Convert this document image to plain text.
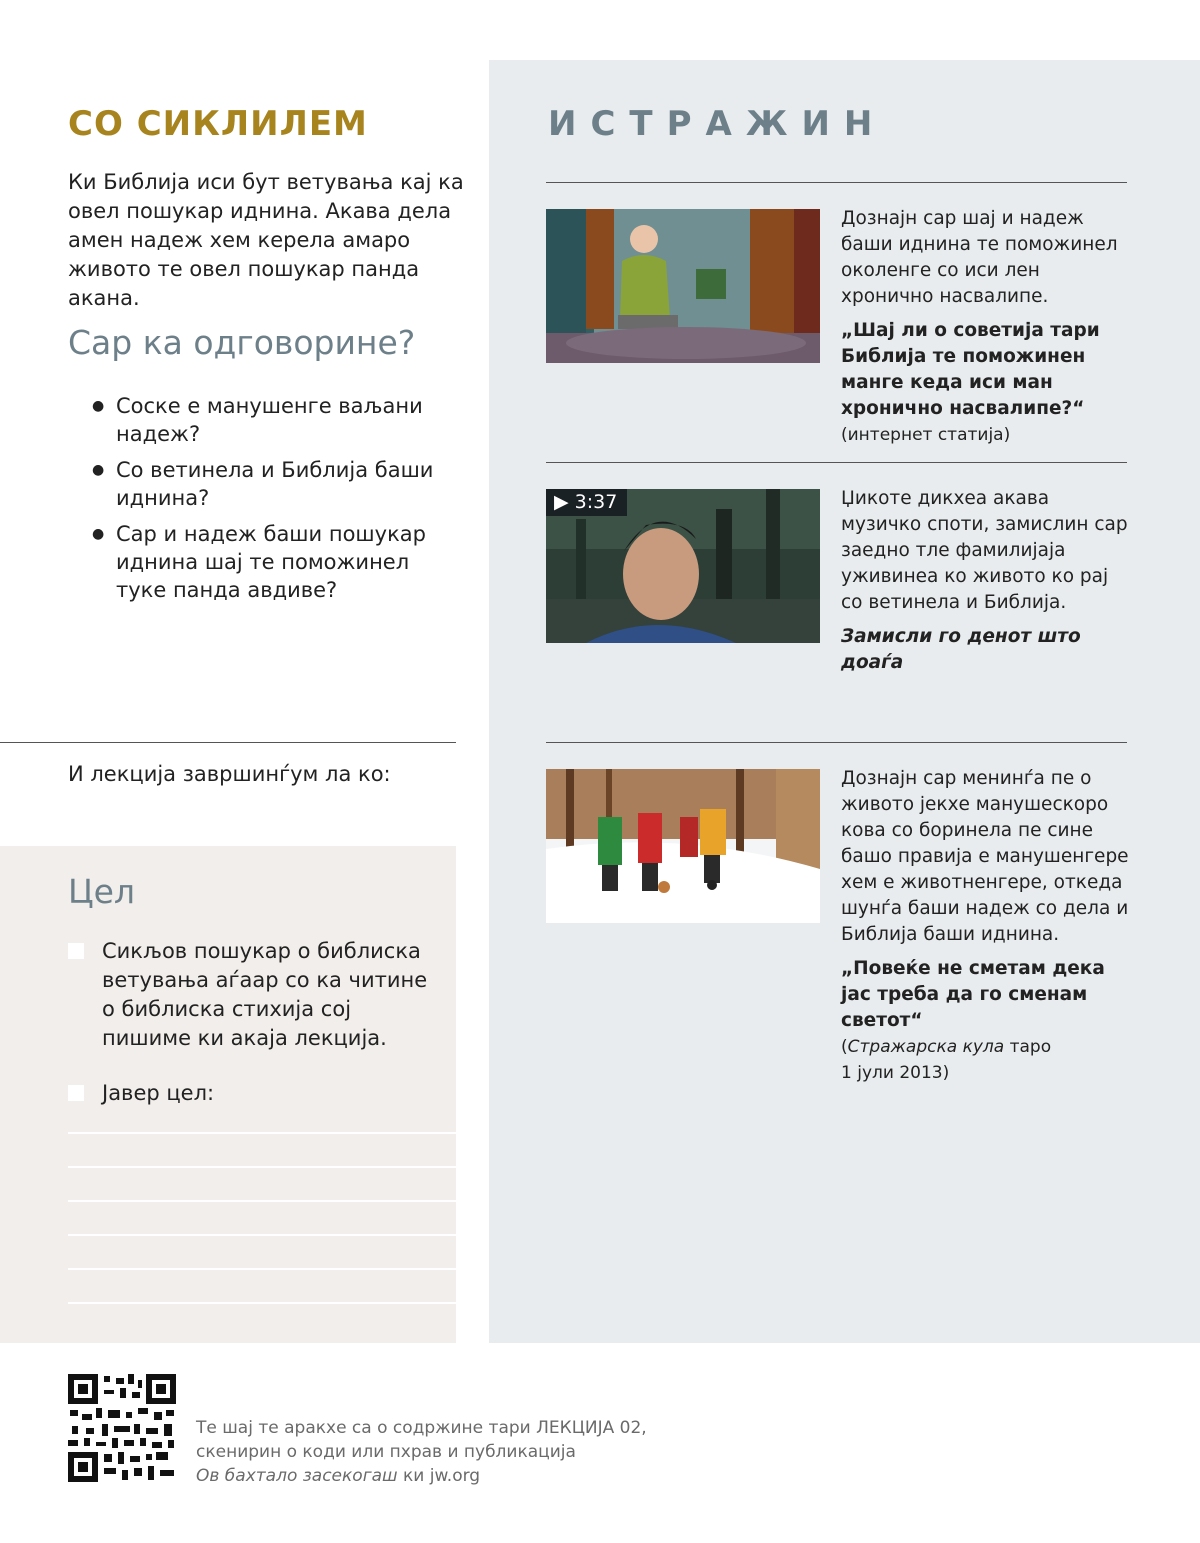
СО СИКЛИЛЕМ
Ки Библија иси бут ветувања кај ка овел пошукар иднина. Акава дела амен надеж хем керела амаро живото те овел пошукар панда акана.
Сар ка одговорине?
● Соске е манушенге ваљани надеж?
● Со ветинела и Библија баши иднина?
● Сар и надеж баши пошукар иднина шај те поможинел туке панда авдиве?
И лекција завршинѓум ла ко:
Цел
Сикљов пошукар о библиска ветувања аѓаар со ка читине о библиска стихија сој пишиме ки акаја лекција.
Јавер цел:
ИСТРАЖИН

Дознајн сар шај и надеж баши иднина те поможинел околенге со иси лен хронично насвалипе.

„Шај ли о советија тари Библија те поможинен манге кеда иси ман хронично насвалипе?“ (интернет статија)

▶ 3:37	Џикоте дикхеа акава музичко споти, замислин сар заедно тле фамилијаја уживинеа ко живото ко рај со ветинела и Библија.

Замисли го денот што доаѓа

Дознајн сар менинѓа пе о живото јекхе манушескоро кова со боринела пе сине башо правија е манушенгере хем е животненгере, откеда шунѓа баши надеж со дела и Библија баши иднина.

„Повеќе не сметам дека јас треба да го сменам светот“

(Стражарска кула таро
1 јули 2013)

Те шај те аракхе са о содржине тари ЛЕКЦИЈА 02,
скенирин о коди или пхрав и публикација
Ов бахтало засекогаш ки jw.org
